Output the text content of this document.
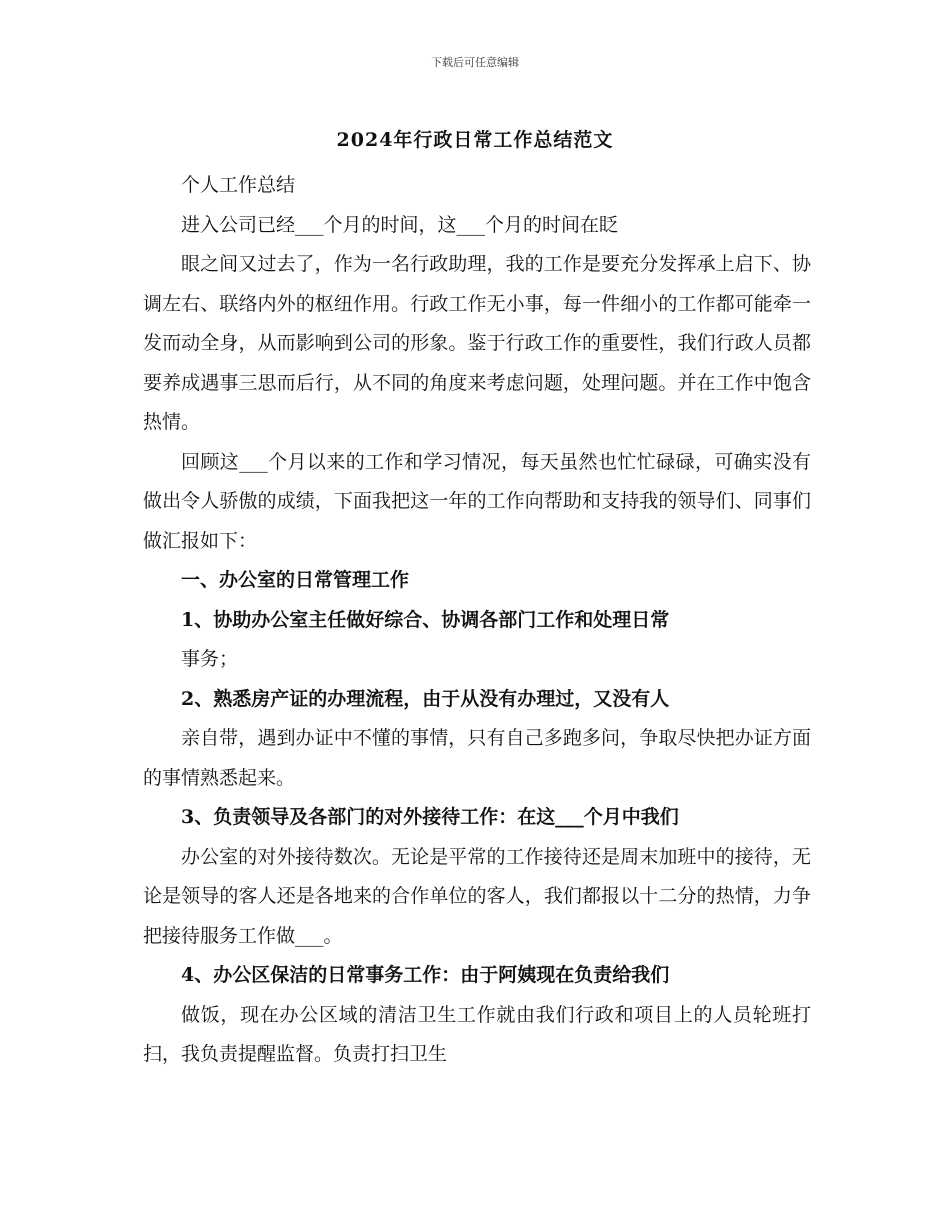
下载后可任意编辑
2024年行政日常工作总结范文

个人工作总结

进入公司已经___个月的时间，这___个月的时间在眨

眼之间又过去了，作为一名行政助理，我的工作是要充分发挥承上启下、协调左右、联络内外的枢纽作用。行政工作无小事，每一件细小的工作都可能牵一发而动全身，从而影响到公司的形象。鉴于行政工作的重要性，我们行政人员都要养成遇事三思而后行，从不同的角度来考虑问题，处理问题。并在工作中饱含热情。

回顾这___个月以来的工作和学习情况，每天虽然也忙忙碌碌，可确实没有做出令人骄傲的成绩，下面我把这一年的工作向帮助和支持我的领导们、同事们做汇报如下：

一、办公室的日常管理工作

1、协助办公室主任做好综合、协调各部门工作和处理日常

事务；

2、熟悉房产证的办理流程，由于从没有办理过，又没有人

亲自带，遇到办证中不懂的事情，只有自己多跑多问，争取尽快把办证方面的事情熟悉起来。

3、负责领导及各部门的对外接待工作：在这___个月中我们

办公室的对外接待数次。无论是平常的工作接待还是周末加班中的接待，无论是领导的客人还是各地来的合作单位的客人，我们都报以十二分的热情，力争把接待服务工作做___。

4、办公区保洁的日常事务工作：由于阿姨现在负责给我们

做饭，现在办公区域的清洁卫生工作就由我们行政和项目上的人员轮班打扫，我负责提醒监督。负责打扫卫生
